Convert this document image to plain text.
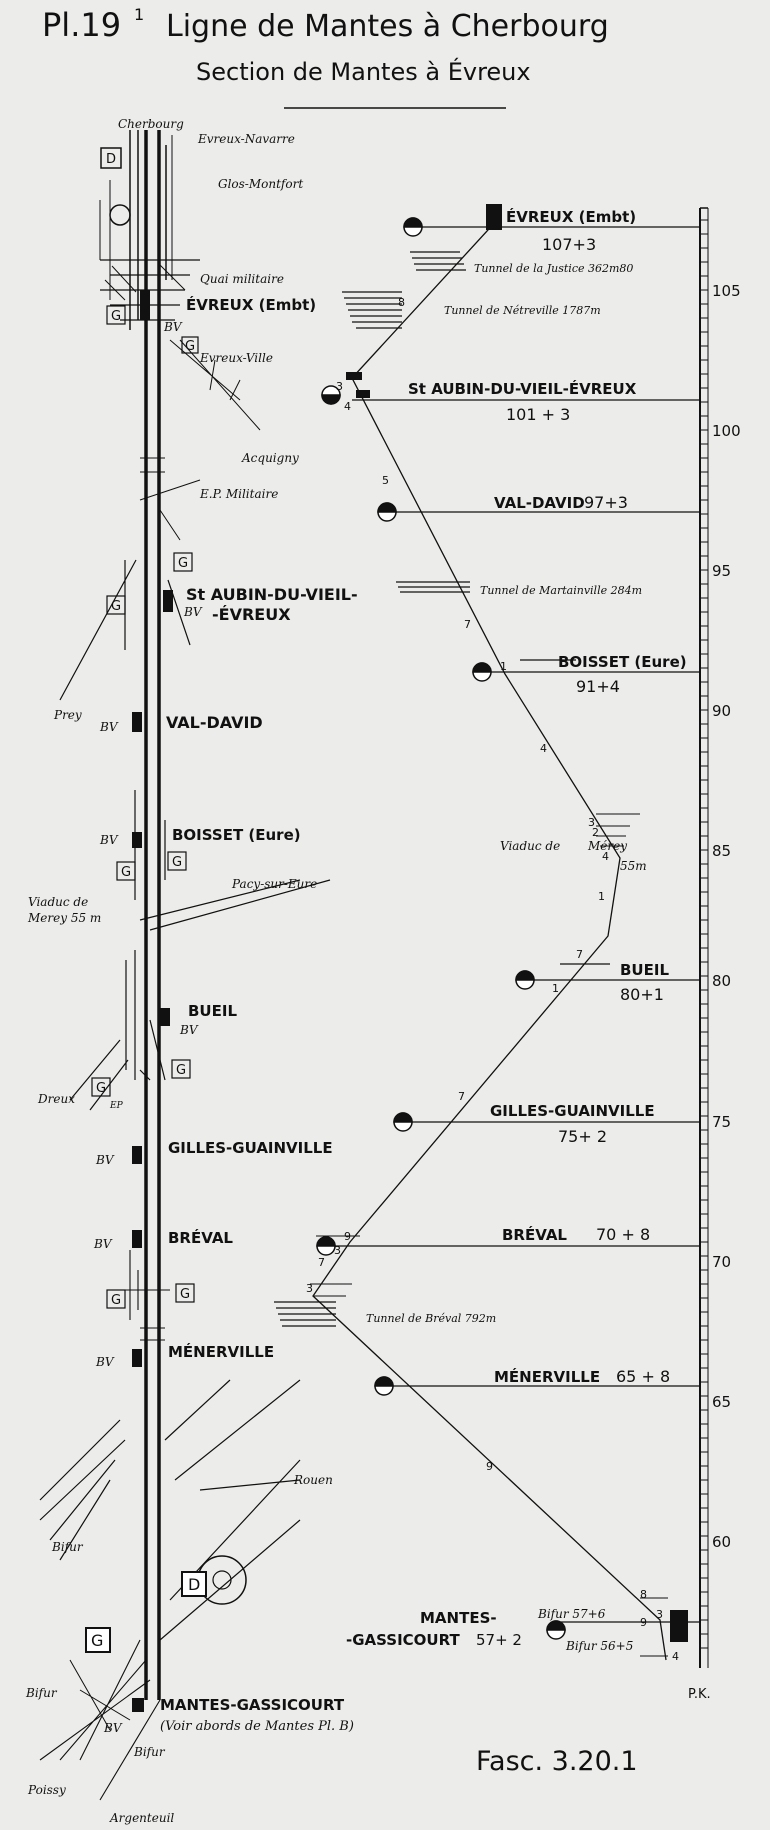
Pl.19 1 Ligne de Mantes à Cherbourg
Section de Mantes à Évreux
D
G
G
G
G
G
G
G
G
G
G
D
G
Cherbourg
Evreux-Navarre
Glos-Montfort
Quai militaire
Evreux-Ville
Acquigny
E.P. Militaire
Prey
Pacy-sur-Eure
Dreux	EP
Rouen
Viaduc de
Merey 55 m
Bifur
Bifur
Bifur
Poissy
Argenteuil
BV
BV
BV
BV
BV
BV
BV
BV
BV
ÉVREUX (Embt)
St AUBIN-DU-VIEIL-
-ÉVREUX
VAL-DAVID
BOISSET (Eure)
BUEIL
GILLES-GUAINVILLE
BRÉVAL
MÉNERVILLE
MANTES-GASSICOURT
(Voir abords de Mantes Pl. B)
105
100
95
90
85
80
75
70
65
60
P.K.
Tunnel de la Justice 362m80
Tunnel de Nétreville 1787m
Tunnel de Martainville 284m
Tunnel de Bréval 792m
Viaduc de Mérey
55m
ÉVREUX (Embt)
107+3
St AUBIN-DU-VIEIL-ÉVREUX
101 + 3
VAL-DAVID 97+3
BOISSET (Eure)
91+4
BUEIL
80+1
GILLES-GUAINVILLE
75+ 2
BRÉVAL 70 + 8
MÉNERVILLE 65 + 8
MANTES-
-GASSICOURT 57+ 2
Bifur 57+6
Bifur 56+5
8
3
4
5
7
1
4
3
2
4
1
7
1
7
9
3
7
3
9
8
9
3
4
Fasc. 3.20.1
